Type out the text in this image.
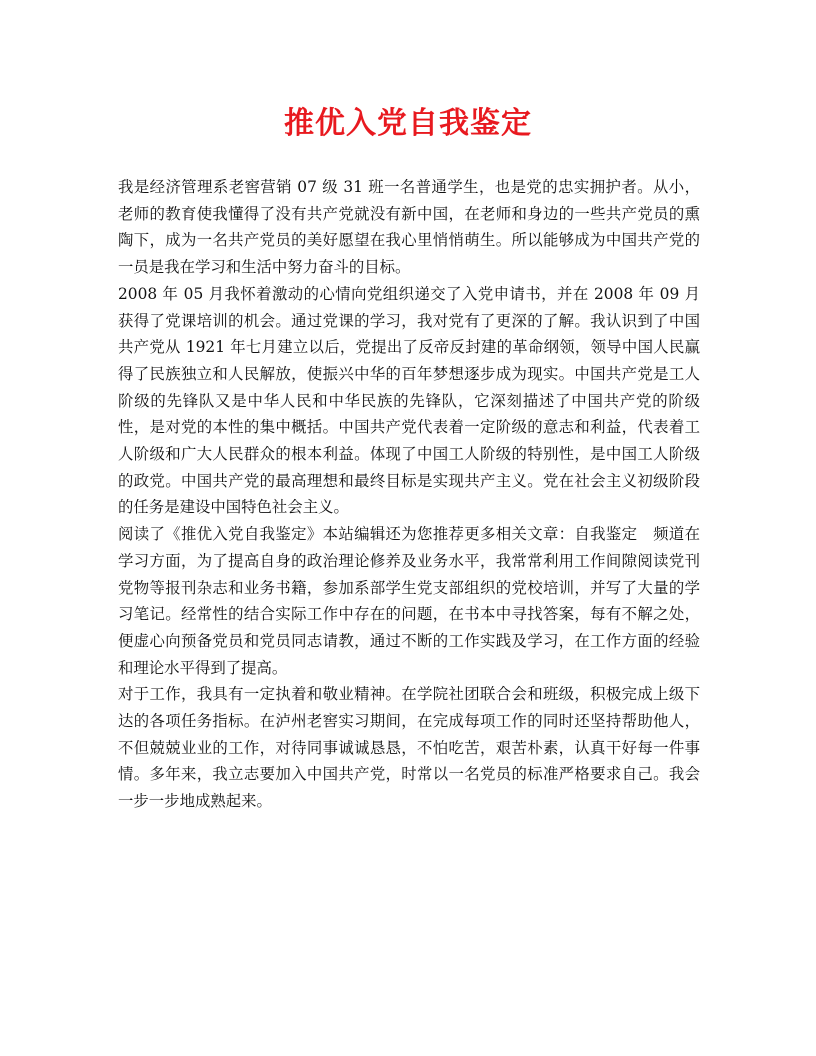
推优入党自我鉴定

我是经济管理系老窖营销 07 级 31 班一名普通学生，也是党的忠实拥护者。从小，老师的教育使我懂得了没有共产党就没有新中国，在老师和身边的一些共产党员的熏陶下，成为一名共产党员的美好愿望在我心里悄悄萌生。所以能够成为中国共产党的一员是我在学习和生活中努力奋斗的目标。

2008 年 05 月我怀着激动的心情向党组织递交了入党申请书，并在 2008 年 09 月获得了党课培训的机会。通过党课的学习，我对党有了更深的了解。我认识到了中国共产党从 1921 年七月建立以后，党提出了反帝反封建的革命纲领，领导中国人民赢得了民族独立和人民解放，使振兴中华的百年梦想逐步成为现实。中国共产党是工人阶级的先锋队又是中华人民和中华民族的先锋队，它深刻描述了中国共产党的阶级性，是对党的本性的集中概括。中国共产党代表着一定阶级的意志和利益，代表着工人阶级和广大人民群众的根本利益。体现了中国工人阶级的特别性，是中国工人阶级的政党。中国共产党的最高理想和最终目标是实现共产主义。党在社会主义初级阶段的任务是建设中国特色社会主义。

阅读了《推优入党自我鉴定》本站编辑还为您推荐更多相关文章：自我鉴定　频道在学习方面，为了提高自身的政治理论修养及业务水平，我常常利用工作间隙阅读党刊党物等报刊杂志和业务书籍，参加系部学生党支部组织的党校培训，并写了大量的学习笔记。经常性的结合实际工作中存在的问题，在书本中寻找答案，每有不解之处，便虚心向预备党员和党员同志请教，通过不断的工作实践及学习，在工作方面的经验和理论水平得到了提高。

对于工作，我具有一定执着和敬业精神。在学院社团联合会和班级，积极完成上级下达的各项任务指标。在泸州老窖实习期间，在完成每项工作的同时还坚持帮助他人，不但兢兢业业的工作，对待同事诚诚恳恳，不怕吃苦，艰苦朴素，认真干好每一件事情。多年来，我立志要加入中国共产党，时常以一名党员的标准严格要求自己。我会一步一步地成熟起来。
